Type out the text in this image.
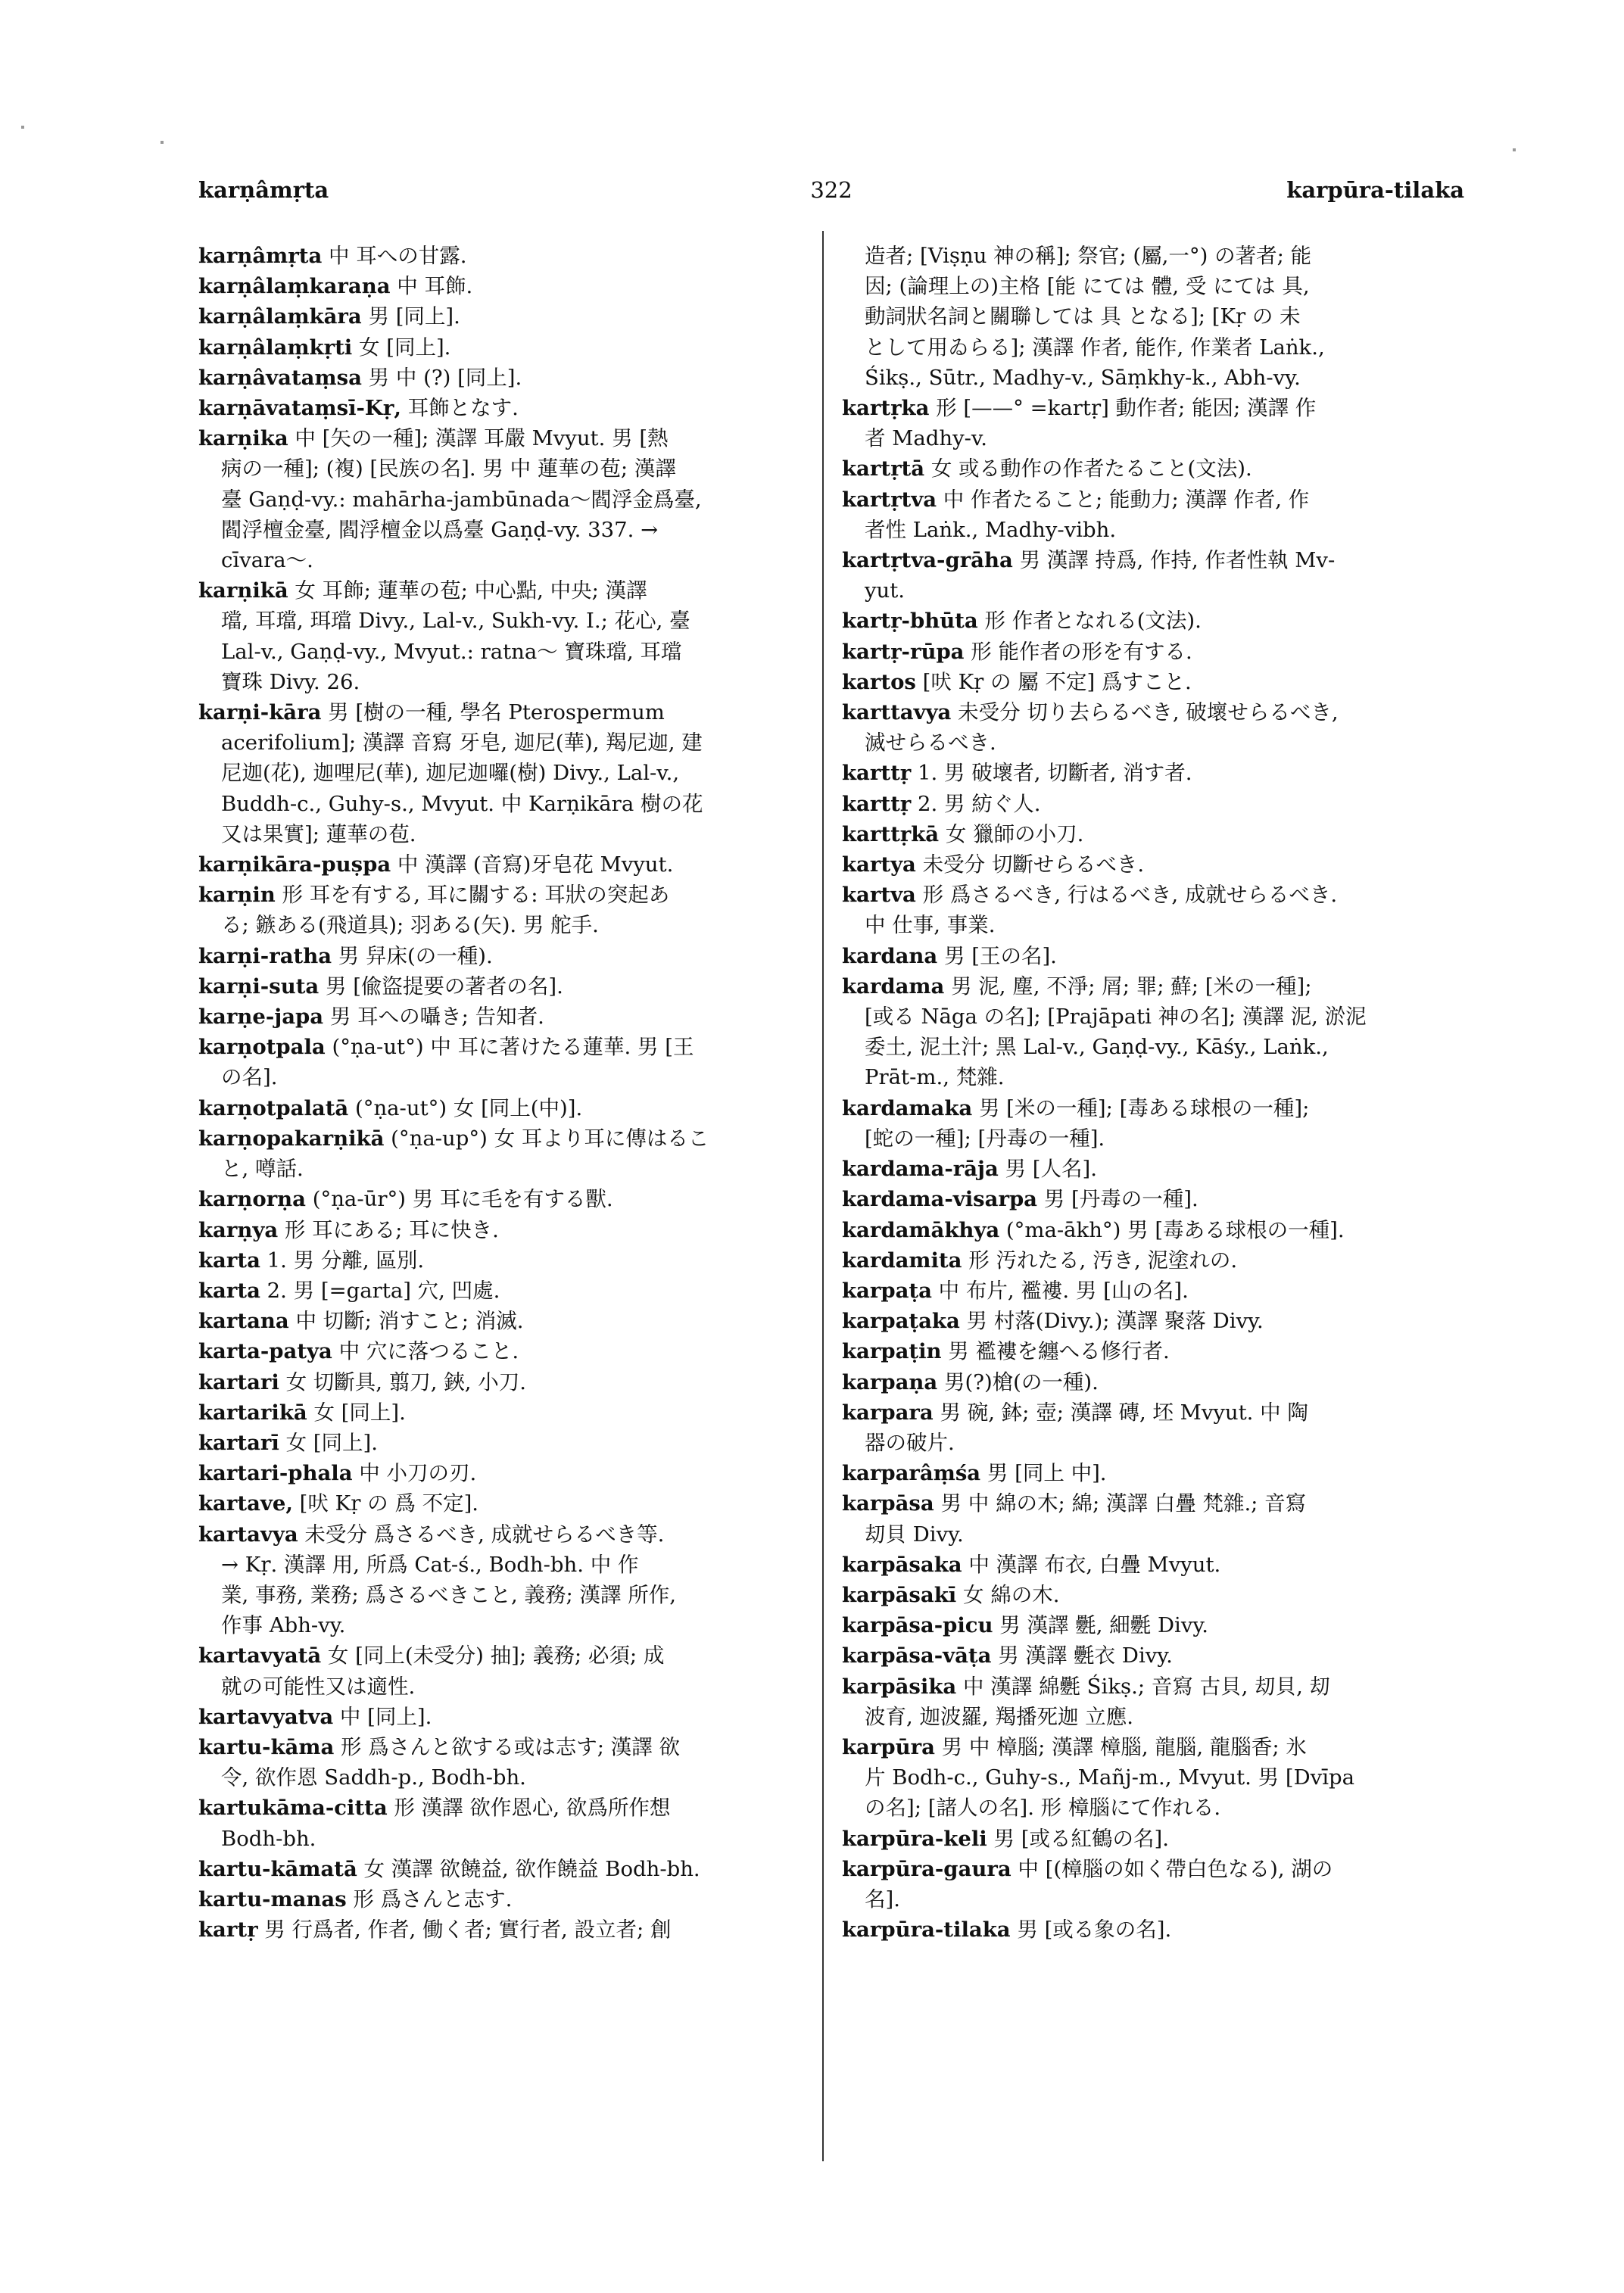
karṇâmṛta	322	karpūra-tilaka
karṇâmṛta 中 耳への甘露.
karṇâlaṃkaraṇa 中 耳飾.
karṇâlaṃkāra 男 [同上].
karṇâlaṃkṛti 女 [同上].
karṇâvataṃsa 男 中 (?) [同上].
karṇāvataṃsī-Kṛ, 耳飾となす.
karṇika 中 [矢の一種]; 漢譯 耳嚴 Mvyut. 男 [熱
病の一種]; (複) [民族の名]. 男 中 蓮華の苞; 漢譯
臺 Gaṇḍ-vy.: mahārha-jambūnada～閻浮金爲臺,
閻浮檀金臺, 閻浮檀金以爲臺 Gaṇḍ-vy. 337. →
cīvara～.
karṇikā 女 耳飾; 蓮華の苞; 中心點, 中央; 漢譯
璫, 耳璫, 珥璫 Divy., Lal-v., Sukh-vy. I.; 花心, 臺
Lal-v., Gaṇḍ-vy., Mvyut.: ratna～ 寶珠璫, 耳璫
寶珠 Divy. 26.
karṇi-kāra 男 [樹の一種, 學名 Pterospermum
acerifolium]; 漢譯 音寫 牙皂, 迦尼(華), 羯尼迦, 建
尼迦(花), 迦哩尼(華), 迦尼迦囉(樹) Divy., Lal-v.,
Buddh-c., Guhy-s., Mvyut. 中 Karṇikāra 樹の花
又は果實]; 蓮華の苞.
karṇikāra-puṣpa 中 漢譯 (音寫)牙皂花 Mvyut.
karṇin 形 耳を有する, 耳に關する: 耳狀の突起あ
る; 鏃ある(飛道具); 羽ある(矢). 男 舵手.
karṇi-ratha 男 舁床(の一種).
karṇi-suta 男 [偸盜提要の著者の名].
karṇe-japa 男 耳への囁き; 告知者.
karṇotpala (°ṇa-ut°) 中 耳に著けたる蓮華. 男 [王
の名].
karṇotpalatā (°ṇa-ut°) 女 [同上(中)].
karṇopakarṇikā (°ṇa-up°) 女 耳より耳に傳はるこ
と, 噂話.
karṇorṇa (°ṇa-ūr°) 男 耳に毛を有する獸.
karṇya 形 耳にある; 耳に快き.
karta 1. 男 分離, 區別.
karta 2. 男 [=garta] 穴, 凹處.
kartana 中 切斷; 消すこと; 消滅.
karta-patya 中 穴に落つること.
kartari 女 切斷具, 翦刀, 鋏, 小刀.
kartarikā 女 [同上].
kartarī 女 [同上].
kartari-phala 中 小刀の刃.
kartave, [吠 Kṛ の 爲 不定].
kartavya 未受分 爲さるべき, 成就せらるべき等.
→ Kṛ. 漢譯 用, 所爲 Cat-ś., Bodh-bh. 中 作
業, 事務, 業務; 爲さるべきこと, 義務; 漢譯 所作,
作事 Abh-vy.
kartavyatā 女 [同上(未受分) 抽]; 義務; 必須; 成
就の可能性又は適性.
kartavyatva 中 [同上].
kartu-kāma 形 爲さんと欲する或は志す; 漢譯 欲
令, 欲作恩 Saddh-p., Bodh-bh.
kartukāma-citta 形 漢譯 欲作恩心, 欲爲所作想
Bodh-bh.
kartu-kāmatā 女 漢譯 欲饒益, 欲作饒益 Bodh-bh.
kartu-manas 形 爲さんと志す.
kartṛ 男 行爲者, 作者, 働く者; 實行者, 設立者; 創
造者; [Viṣṇu 神の稱]; 祭官; (屬,一°) の著者; 能
因; (論理上の)主格 [能 にては 體, 受 にては 具,
動詞狀名詞と關聯しては 具 となる]; [Kṛ の 未
として用ゐらる]; 漢譯 作者, 能作, 作業者 Laṅk.,
Śikṣ., Sūtr., Madhy-v., Sāṃkhy-k., Abh-vy.
kartṛka 形 [——° =kartṛ] 動作者; 能因; 漢譯 作
者 Madhy-v.
kartṛtā 女 或る動作の作者たること(文法).
kartṛtva 中 作者たること; 能動力; 漢譯 作者, 作
者性 Laṅk., Madhy-vibh.
kartṛtva-grāha 男 漢譯 持爲, 作持, 作者性執 Mv-
yut.
kartṛ-bhūta 形 作者となれる(文法).
kartṛ-rūpa 形 能作者の形を有する.
kartos [吠 Kṛ の 屬 不定] 爲すこと.
karttavya 未受分 切り去らるべき, 破壞せらるべき,
滅せらるべき.
karttṛ 1. 男 破壞者, 切斷者, 消す者.
karttṛ 2. 男 紡ぐ人.
karttṛkā 女 獵師の小刀.
kartya 未受分 切斷せらるべき.
kartva 形 爲さるべき, 行はるべき, 成就せらるべき.
中 仕事, 事業.
kardana 男 [王の名].
kardama 男 泥, 塵, 不淨; 屑; 罪; 蘚; [米の一種];
[或る Nāga の名]; [Prajāpati 神の名]; 漢譯 泥, 淤泥
委土, 泥土汁; 黑 Lal-v., Gaṇḍ-vy., Kāśy., Laṅk.,
Prāt-m., 梵雜.
kardamaka 男 [米の一種]; [毒ある球根の一種];
[蛇の一種]; [丹毒の一種].
kardama-rāja 男 [人名].
kardama-visarpa 男 [丹毒の一種].
kardamākhya (°ma-ākh°) 男 [毒ある球根の一種].
kardamita 形 汚れたる, 汚き, 泥塗れの.
karpaṭa 中 布片, 襤褸. 男 [山の名].
karpaṭaka 男 村落(Divy.); 漢譯 聚落 Divy.
karpaṭin 男 襤褸を纏へる修行者.
karpaṇa 男(?)槍(の一種).
karpara 男 碗, 鉢; 壺; 漢譯 磚, 坯 Mvyut. 中 陶
器の破片.
karparâṃśa 男 [同上 中].
karpāsa 男 中 綿の木; 綿; 漢譯 白疊 梵雜.; 音寫
刧貝 Divy.
karpāsaka 中 漢譯 布衣, 白疊 Mvyut.
karpāsakī 女 綿の木.
karpāsa-picu 男 漢譯 氎, 細氎 Divy.
karpāsa-vāṭa 男 漢譯 氎衣 Divy.
karpāsika 中 漢譯 綿氎 Śikṣ.; 音寫 古貝, 刧貝, 刧
波育, 迦波羅, 羯播死迦 立應.
karpūra 男 中 樟腦; 漢譯 樟腦, 龍腦, 龍腦香; 氷
片 Bodh-c., Guhy-s., Mañj-m., Mvyut. 男 [Dvīpa
の名]; [諸人の名]. 形 樟腦にて作れる.
karpūra-keli 男 [或る紅鶴の名].
karpūra-gaura 中 [(樟腦の如く帶白色なる), 湖の
名].
karpūra-tilaka 男 [或る象の名].
